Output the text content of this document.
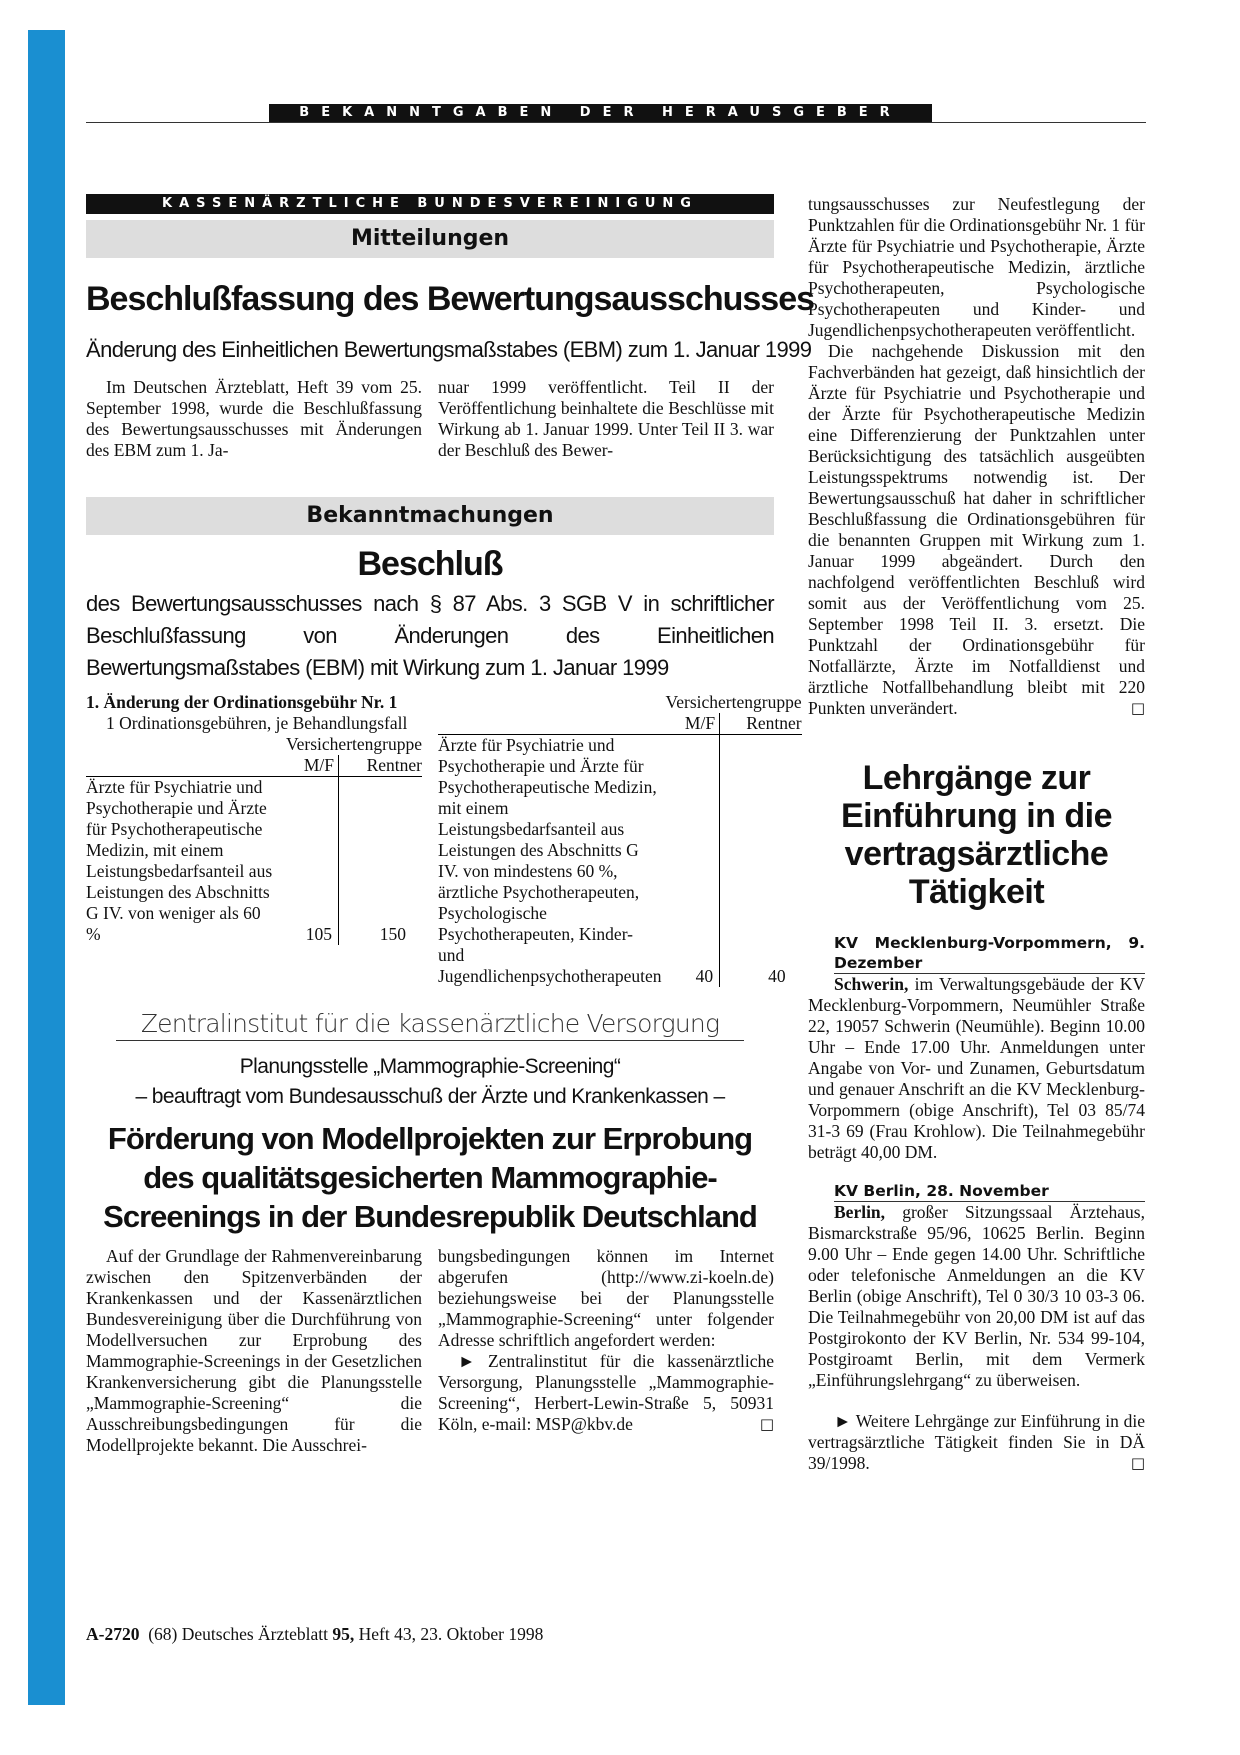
BEKANNTGABEN DER HERAUSGEBER
KASSENÄRZTLICHE BUNDESVEREINIGUNG
Mitteilungen
Beschlußfassung des Bewertungsausschusses
Änderung des Einheitlichen Bewertungsmaßstabes (EBM) zum 1. Januar 1999

Im Deutschen Ärzteblatt, Heft 39 vom 25. September 1998, wurde die Beschlußfassung des Bewertungsausschusses mit Änderungen des EBM zum 1. Ja-

nuar 1999 veröffentlicht. Teil II der Veröffentlichung beinhaltete die Beschlüsse mit Wirkung ab 1. Januar 1999. Unter Teil II 3. war der Beschluß des Bewer-

Bekanntmachungen
Beschluß
des Bewertungsausschusses nach § 87 Abs. 3 SGB V in schriftlicher Beschlußfassung von Änderungen des Einheitlichen Bewertungsmaßstabes (EBM) mit Wirkung zum 1. Januar 1999

1. Änderung der Ordinationsgebühr Nr. 1

1 Ordinationsgebühren, je Behandlungsfall

	Versichertengruppe	
	M/F	Rentner
Ärzte für Psychiatrie und Psychotherapie und Ärzte für Psychotherapeutische Medizin, mit einem Leistungsbedarfsanteil aus Leistungen des Abschnitts G IV. von weniger als 60 %	105	150
	Versichertengruppe	
	M/F	Rentner
Ärzte für Psychiatrie und Psychotherapie und Ärzte für Psychotherapeutische Medizin, mit einem Leistungsbedarfsanteil aus Leistungen des Abschnitts G IV. von mindestens 60 %, ärztliche Psychotherapeuten, Psychologische Psychotherapeuten, Kinder- und Jugendlichenpsychotherapeuten	40	40
Zentralinstitut für die kassenärztliche Versorgung
Planungsstelle „Mammographie-Screening“
– beauftragt vom Bundesausschuß der Ärzte und Krankenkassen –
Förderung von Modellprojekten zur Erprobung des qualitätsgesicherten Mammographie-Screenings in der Bundesrepublik Deutschland

Auf der Grundlage der Rahmenvereinbarung zwischen den Spitzenverbänden der Krankenkassen und der Kassenärztlichen Bundesvereinigung über die Durchführung von Modellversuchen zur Erprobung des Mammographie-Screenings in der Gesetzlichen Krankenversicherung gibt die Planungsstelle „Mammographie-Screening“ die Ausschreibungsbedingungen für die Modellprojekte bekannt. Die Ausschrei-

bungsbedingungen können im Internet abgerufen (http://www.zi-koeln.de) beziehungsweise bei der Planungsstelle „Mammographie-Screening“ unter folgender Adresse schriftlich angefordert werden:

► Zentralinstitut für die kassenärztliche Versorgung, Planungsstelle „Mammographie-Screening“, Herbert-Lewin-Straße 5, 50931 Köln, e-mail: MSP@kbv.de	□

tungsausschusses zur Neufestlegung der Punktzahlen für die Ordinationsgebühr Nr. 1 für Ärzte für Psychiatrie und Psychotherapie, Ärzte für Psychotherapeutische Medizin, ärztliche Psychotherapeuten, Psychologische Psychotherapeuten und Kinder- und Jugendlichenpsychotherapeuten veröffentlicht.

Die nachgehende Diskussion mit den Fachverbänden hat gezeigt, daß hinsichtlich der Ärzte für Psychiatrie und Psychotherapie und der Ärzte für Psychotherapeutische Medizin eine Differenzierung der Punktzahlen unter Berücksichtigung des tatsächlich ausgeübten Leistungsspektrums notwendig ist. Der Bewertungsausschuß hat daher in schriftlicher Beschlußfassung die Ordinationsgebühren für die benannten Gruppen mit Wirkung zum 1. Januar 1999 abgeändert. Durch den nachfolgend veröffentlichten Beschluß wird somit aus der Veröffentlichung vom 25. September 1998 Teil II. 3. ersetzt. Die Punktzahl der Ordinationsgebühr für Notfallärzte, Ärzte im Notfalldienst und ärztliche Notfallbehandlung bleibt mit 220 Punkten unverändert.	□
Lehrgänge zur Einführung in die vertragsärztliche Tätigkeit
KV Mecklenburg-Vorpommern, 9. Dezember

Schwerin, im Verwaltungsgebäude der KV Mecklenburg-Vorpommern, Neumühler Straße 22, 19057 Schwerin (Neumühle). Beginn 10.00 Uhr – Ende 17.00 Uhr. Anmeldungen unter Angabe von Vor- und Zunamen, Geburtsdatum und genauer Anschrift an die KV Mecklenburg-Vorpommern (obige Anschrift), Tel 03 85/74 31-3 69 (Frau Krohlow). Die Teilnahmegebühr beträgt 40,00 DM.

KV Berlin, 28. November

Berlin, großer Sitzungssaal Ärztehaus, Bismarckstraße 95/96, 10625 Berlin. Beginn 9.00 Uhr – Ende gegen 14.00 Uhr. Schriftliche oder telefonische Anmeldungen an die KV Berlin (obige Anschrift), Tel 0 30/3 10 03-3 06. Die Teilnahmegebühr von 20,00 DM ist auf das Postgirokonto der KV Berlin, Nr. 534 99-104, Postgiroamt Berlin, mit dem Vermerk „Einführungslehrgang“ zu überweisen.

► Weitere Lehrgänge zur Einführung in die vertragsärztliche Tätigkeit finden Sie in DÄ 39/1998.	□
A-2720 (68) Deutsches Ärzteblatt 95, Heft 43, 23. Oktober 1998
